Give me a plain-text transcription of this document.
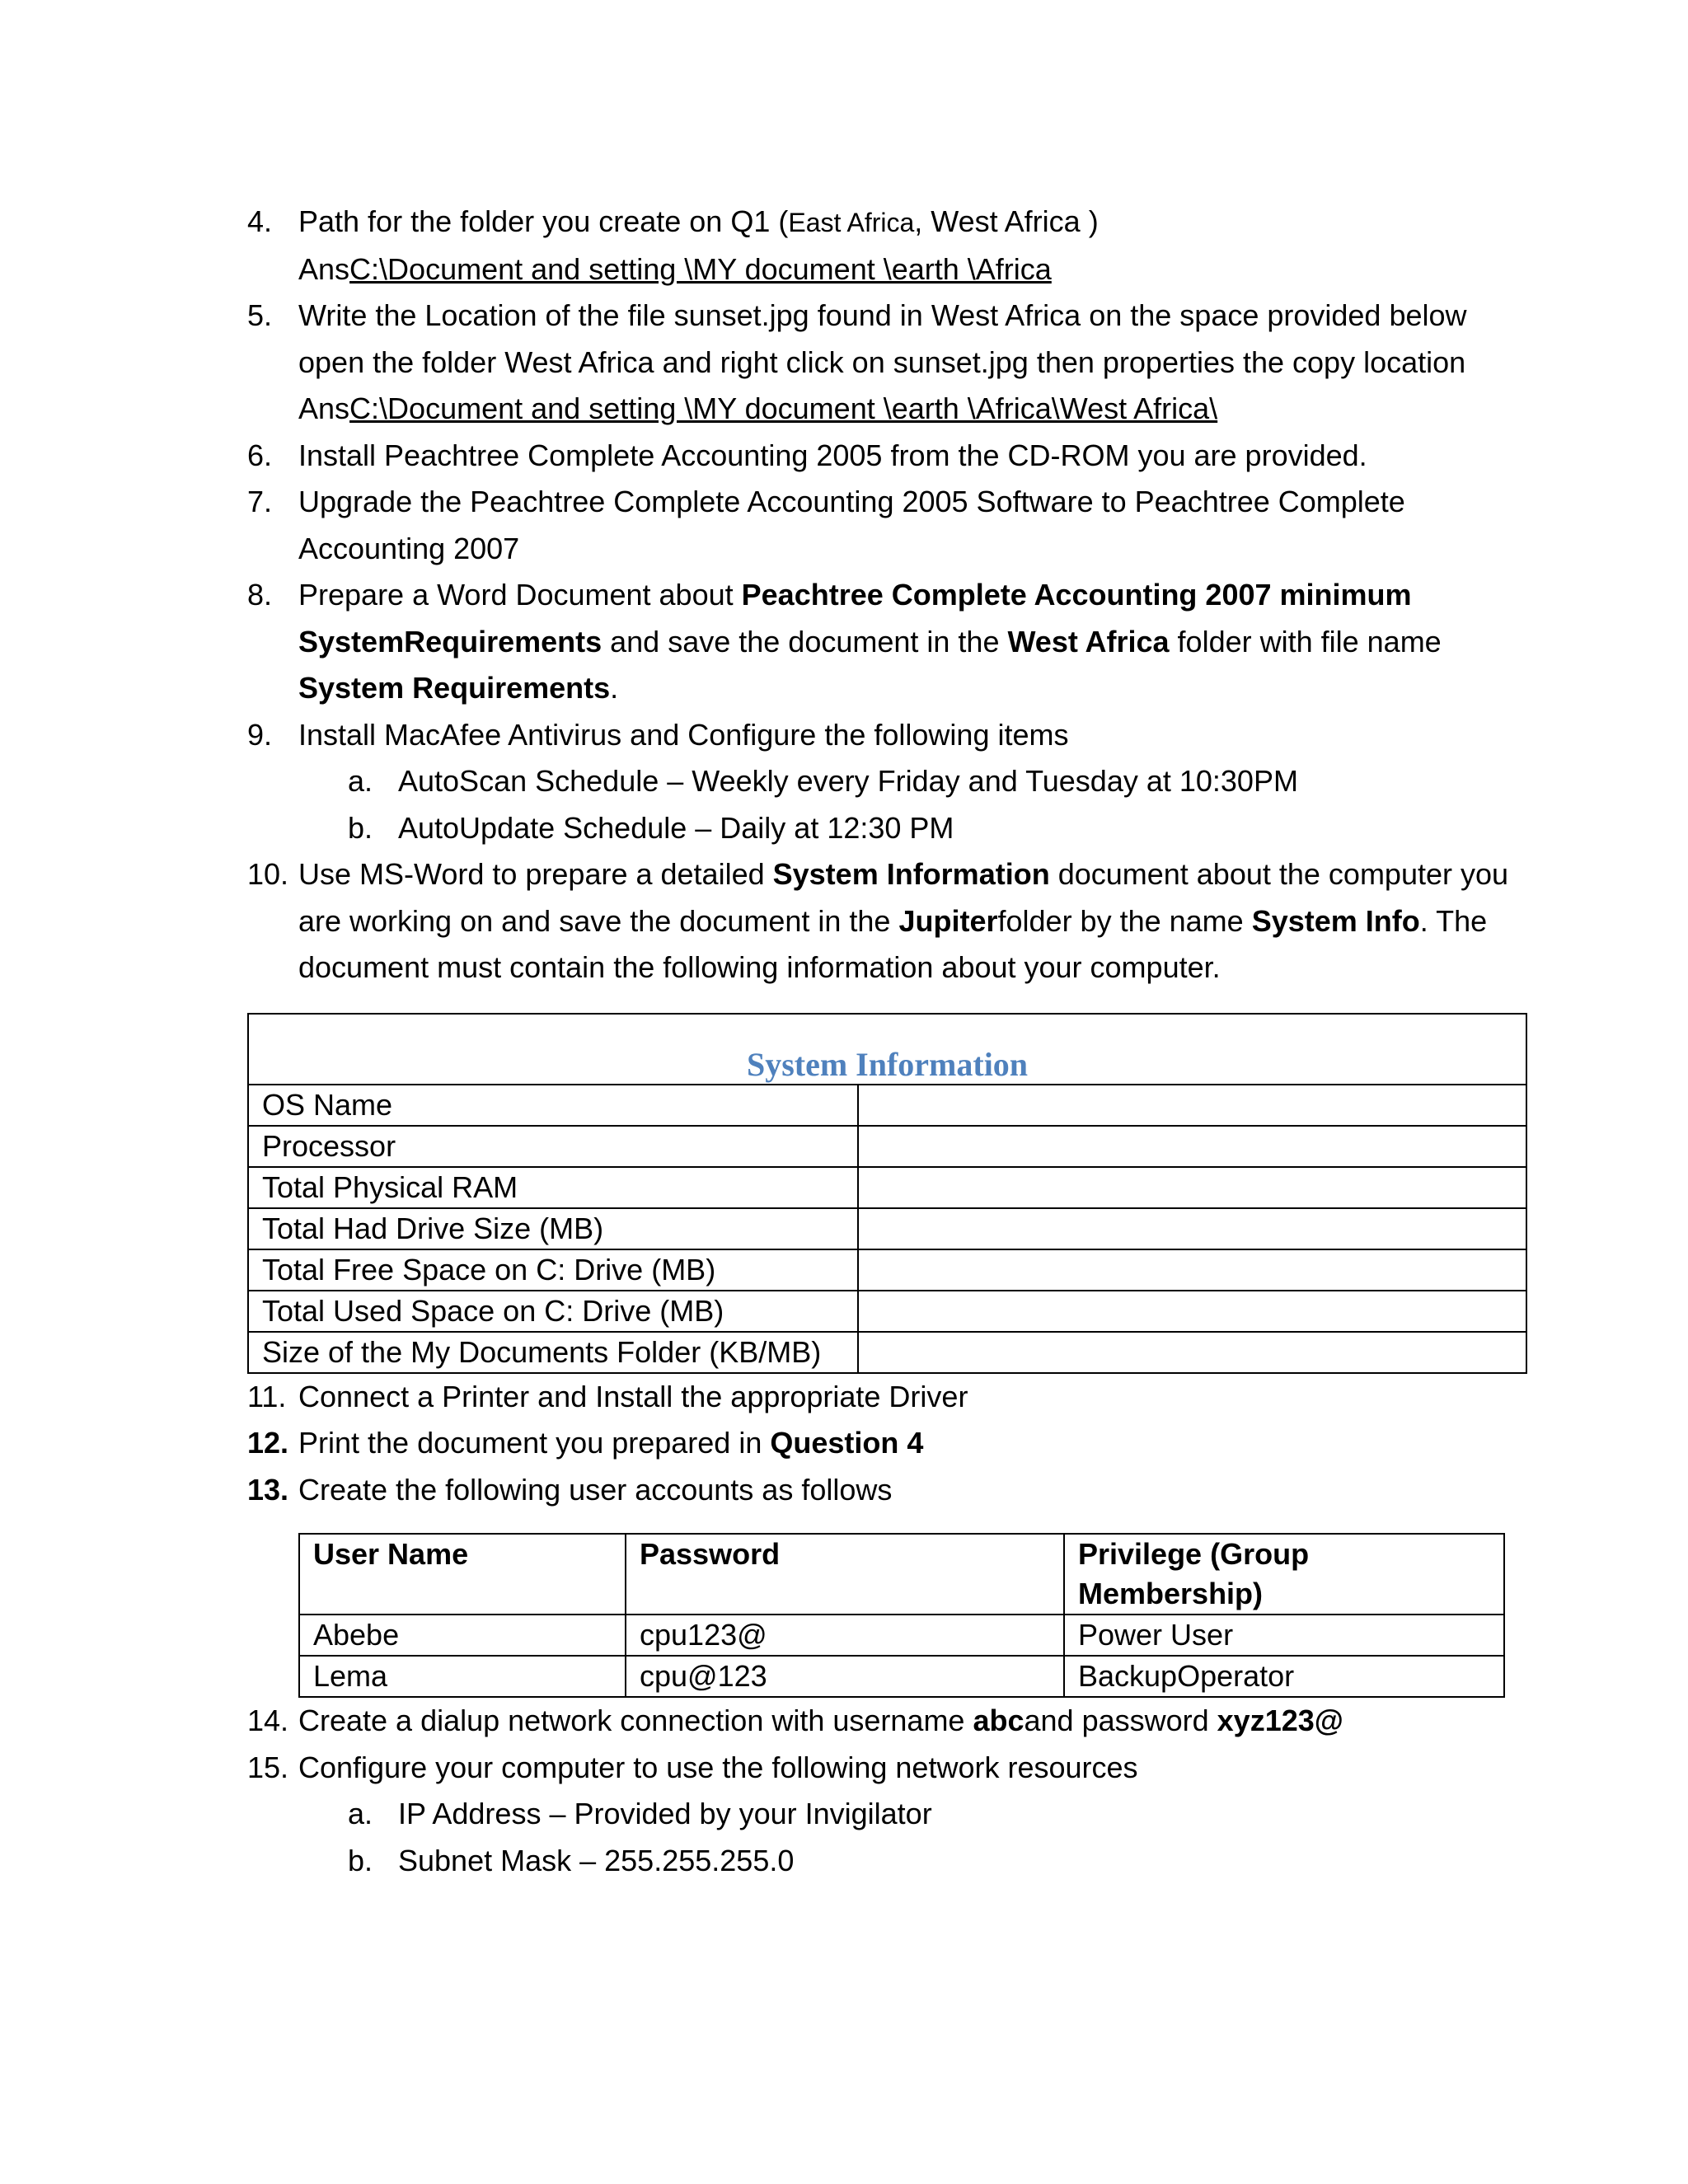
4. Path for the folder you create on Q1 (East Africa, West Africa )
AnsC:\Document and setting \MY document \earth \Africa
5. Write the Location of the file sunset.jpg found in West Africa on the space provided below open the folder West Africa and right click on sunset.jpg then properties the copy location
AnsC:\Document and setting \MY document \earth \Africa\West Africa\
6. Install Peachtree Complete Accounting 2005 from the CD-ROM you are provided.
7. Upgrade the Peachtree Complete Accounting 2005 Software to Peachtree Complete Accounting 2007
8. Prepare a Word Document about Peachtree Complete Accounting 2007 minimum SystemRequirements and save the document in the West Africa folder with file name System Requirements.
9. Install MacAfee Antivirus and Configure the following items
a. AutoScan Schedule – Weekly every Friday and Tuesday at 10:30PM
b. AutoUpdate Schedule – Daily at 12:30 PM
10. Use MS-Word to prepare a detailed System Information document about the computer you are working on and save the document in the Jupiterfolder by the name System Info. The document must contain the following information about your computer.
System Information	
OS Name	
Processor	
Total Physical RAM	
Total Had Drive Size (MB)	
Total Free Space on C: Drive (MB)	
Total Used Space on C: Drive (MB)	
Size of the My Documents Folder (KB/MB)	
11. Connect a Printer and Install the appropriate Driver
12. Print the document you prepared in Question 4
13. Create the following user accounts as follows
User Name	Password	Privilege (Group Membership)
Abebe	cpu123@	Power User
Lema	cpu@123	BackupOperator
14. Create a dialup network connection with username abcand password xyz123@
15. Configure your computer to use the following network resources
a. IP Address – Provided by your Invigilator
b. Subnet Mask – 255.255.255.0
